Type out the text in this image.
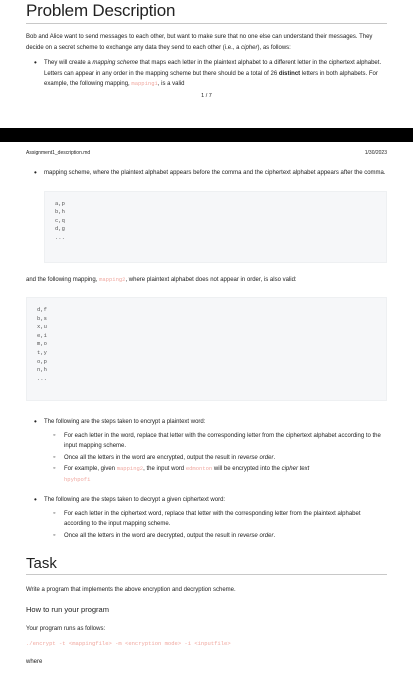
Problem Description

Bob and Alice want to send messages to each other, but want to make sure that no one else can understand their messages. They decide on a secret scheme to exchange any data they send to each other (i.e., a cipher), as follows:

• They will create a mapping scheme that maps each letter in the plaintext alphabet to a different letter in the ciphertext alphabet. Letters can appear in any order in the mapping scheme but there should be a total of 26 distinct letters in both alphabets. For example, the following mapping, mapping1, is a valid
1 / 7
Assignment1_description.md	1/30/2023
• mapping scheme, where the plaintext alphabet appears before the comma and the ciphertext alphabet appears after the comma.
a,p
b,h
c,q
d,g
...

and the following mapping, mapping2, where plaintext alphabet does not appear in order, is also valid:

d,f
b,s
x,u
e,i
m,o
t,y
o,p
n,h
...
• The following are the steps taken to encrypt a plaintext word:
◦ For each letter in the word, replace that letter with the corresponding letter from the ciphertext alphabet according to the input mapping scheme.
◦ Once all the letters in the word are encrypted, output the result in reverse order.
◦ For example, given mapping2, the input word edmonton will be encrypted into the cipher text
hpyhpofi
• The following are the steps taken to decrypt a given ciphertext word:
◦ For each letter in the ciphertext word, replace that letter with the corresponding letter from the plaintext alphabet according to the input mapping scheme.
◦ Once all the letters in the word are decrypted, output the result in reverse order.
Task

Write a program that implements the above encryption and decryption scheme.

How to run your program

Your program runs as follows:

./encrypt -t <mappingfile> -m <encryption mode> -i <inputfile>

where
